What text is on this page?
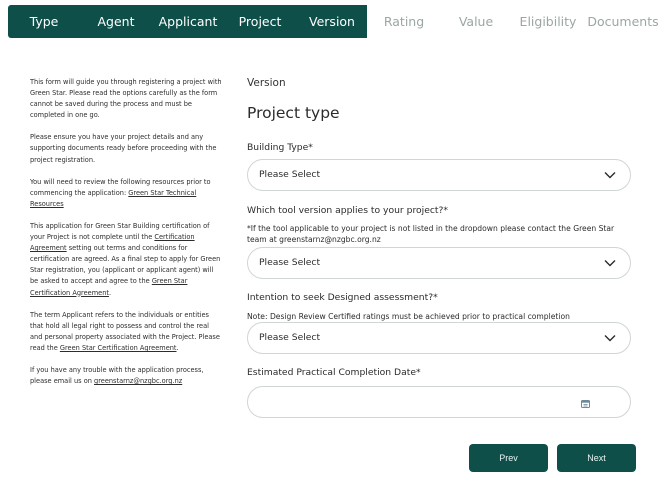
Type	Agent	Applicant	Project	Version	Rating	Value	Eligibility Documents

This form will guide you through registering a project with Green Star. Please read the options carefully as the form cannot be saved during the process and must be completed in one go.

Please ensure you have your project details and any supporting documents ready before proceeding with the project registration.

You will need to review the following resources prior to commencing the application: Green Star Technical Resources

This application for Green Star Building certification of your Project is not complete until the Certification Agreement setting out terms and conditions for certification are agreed. As a final step to apply for Green Star registration, you (applicant or applicant agent) will be asked to accept and agree to the Green Star Certification Agreement.

The term Applicant refers to the individuals or entities that hold all legal right to possess and control the real and personal property associated with the Project. Please read the Green Star Certification Agreement.

If you have any trouble with the application process, please email us on greenstarnz@nzgbc.org.nz

Version
Project type
Building Type*
Please Select
Which tool version applies to your project?*
*If the tool applicable to your project is not listed in the dropdown please contact the Green Star team at greenstarnz@nzgbc.org.nz
Please Select
Intention to seek Designed assessment?*
Note: Design Review Certified ratings must be achieved prior to practical completion
Please Select
Estimated Practical Completion Date*
Prev	Next
